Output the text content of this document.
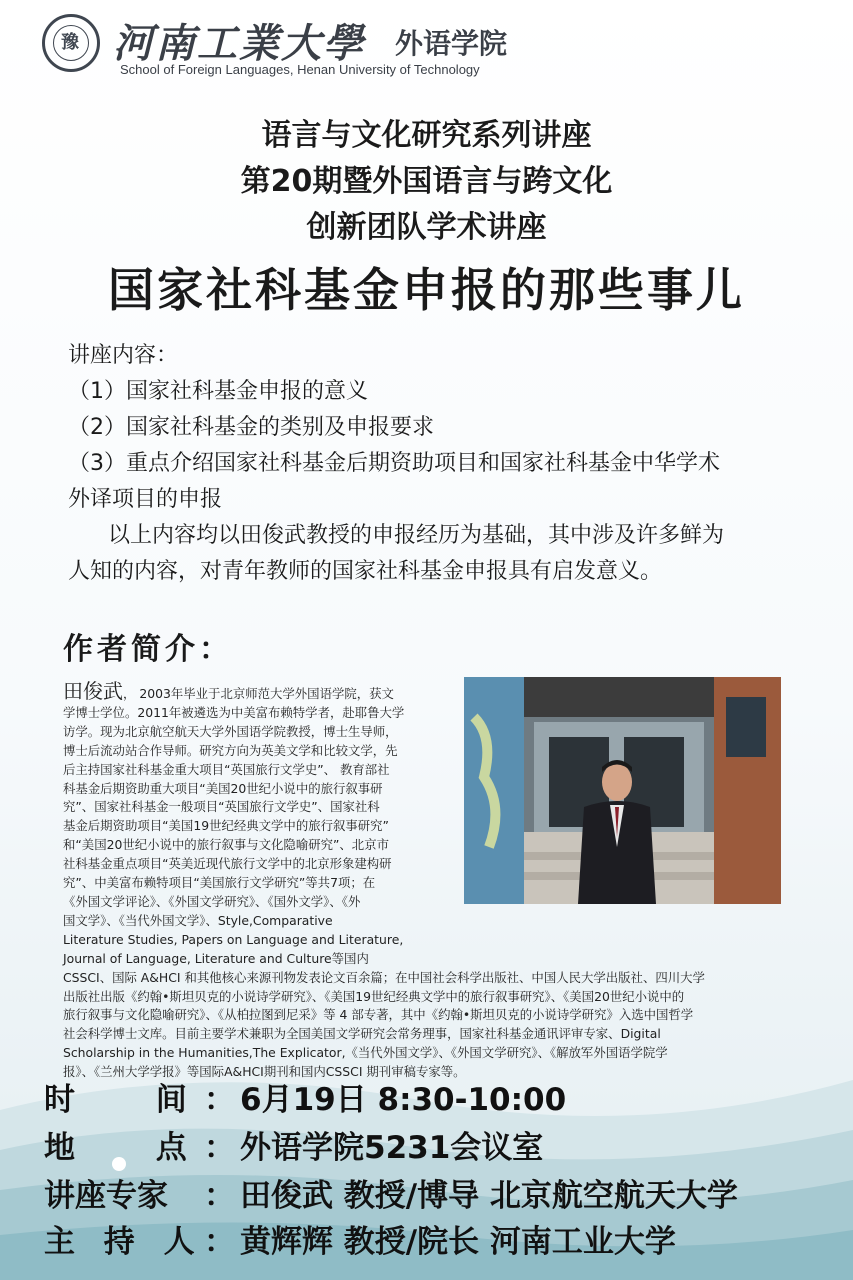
豫 河南工業大學 外语学院
School of Foreign Languages, Henan University of Technology
语言与文化研究系列讲座
第20期暨外国语言与跨文化
创新团队学术讲座
国家社科基金申报的那些事儿
讲座内容：
（1）国家社科基金申报的意义
（2）国家社科基金的类别及申报要求
（3）重点介绍国家社科基金后期资助项目和国家社科基金中华学术
外译项目的申报
以上内容均以田俊武教授的申报经历为基础，其中涉及许多鲜为
人知的内容，对青年教师的国家社科基金申报具有启发意义。
作者简介：
田俊武， 2003年毕业于北京师范大学外国语学院，获文
学博士学位。2011年被遴选为中美富布赖特学者，赴耶鲁大学
访学。现为北京航空航天大学外国语学院教授，博士生导师，
博士后流动站合作导师。研究方向为英美文学和比较文学，先
后主持国家社科基金重大项目“英国旅行文学史”、 教育部社
科基金后期资助重大项目“美国20世纪小说中的旅行叙事研
究”、国家社科基金一般项目“英国旅行文学史”、国家社科
基金后期资助项目“美国19世纪经典文学中的旅行叙事研究”
和“美国20世纪小说中的旅行叙事与文化隐喻研究”、北京市
社科基金重点项目“英美近现代旅行文学中的北京形象建构研
究”、中美富布赖特项目“美国旅行文学研究”等共7项；在
《外国文学评论》、《外国文学研究》、《国外文学》、《外
国文学》、《当代外国文学》、Style,Comparative
Literature Studies, Papers on Language and Literature,
Journal of Language, Literature and Culture等国内
CSSCI、国际 A&HCI 和其他核心来源刊物发表论文百余篇；在中国社会科学出版社、中国人民大学出版社、四川大学
出版社出版《约翰•斯坦贝克的小说诗学研究》、《美国19世纪经典文学中的旅行叙事研究》、《美国20世纪小说中的
旅行叙事与文化隐喻研究》、《从柏拉图到尼采》等 4 部专著，其中《约翰•斯坦贝克的小说诗学研究》入选中国哲学
社会科学博士文库。目前主要学术兼职为全国美国文学研究会常务理事，国家社科基金通讯评审专家、Digital
Scholarship in the Humanities,The Explicator,《当代外国文学》、《外国文学研究》、《解放军外国语学院学
报》、《兰州大学学报》等国际A&HCI期刊和国内CSSCI 期刊审稿专家等。
时 间 ： 6月19日 8:30-10:00
地 点 ： 外语学院5231会议室
讲座专家 ： 田俊武 教授/博导 北京航空航天大学
主 持 人 ： 黄辉辉 教授/院长 河南工业大学
